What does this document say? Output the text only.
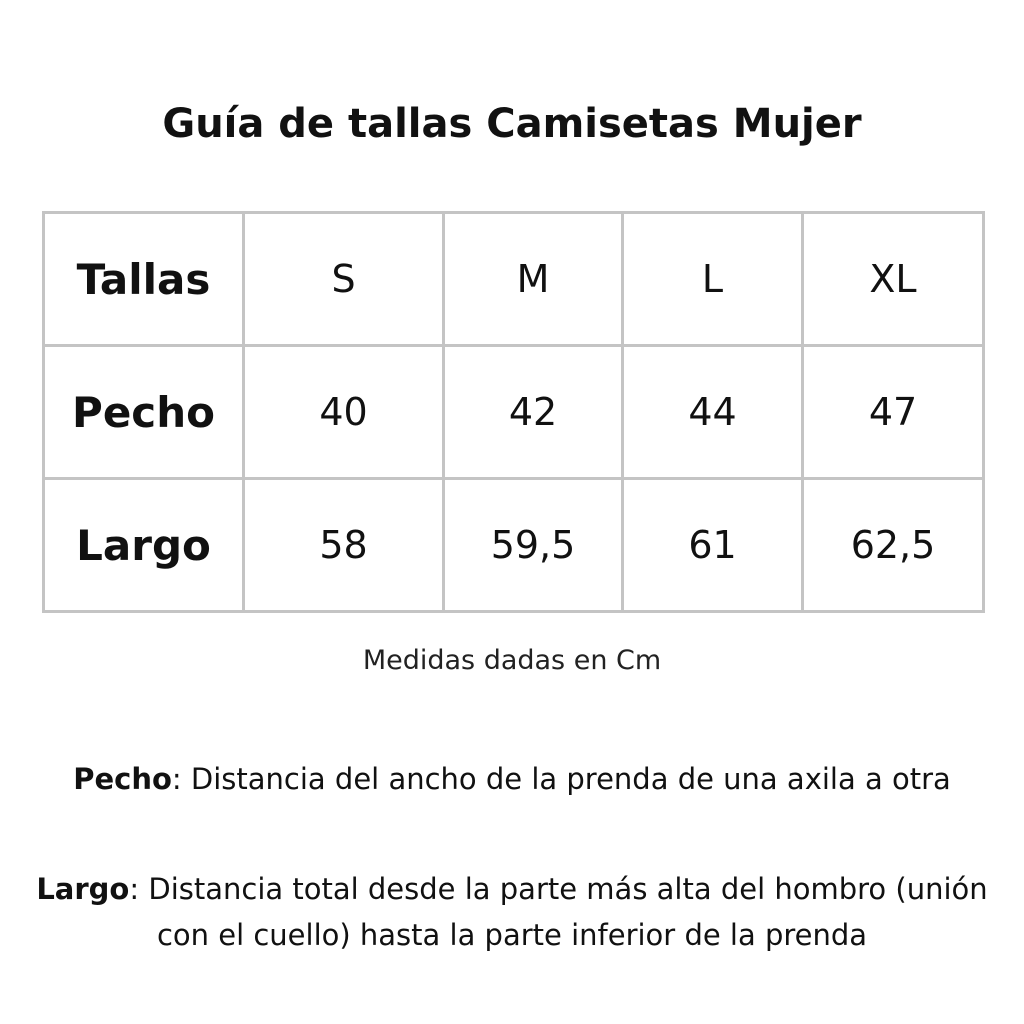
Guía de tallas Camisetas Mujer
Tallas	S	M	L	XL
Pecho	40	42	44	47
Largo	58	59,5	61	62,5
Medidas dadas en Cm
Pecho: Distancia del ancho de la prenda de una axila a otra
Largo: Distancia total desde la parte más alta del hombro (unión con el cuello) hasta la parte inferior de la prenda
